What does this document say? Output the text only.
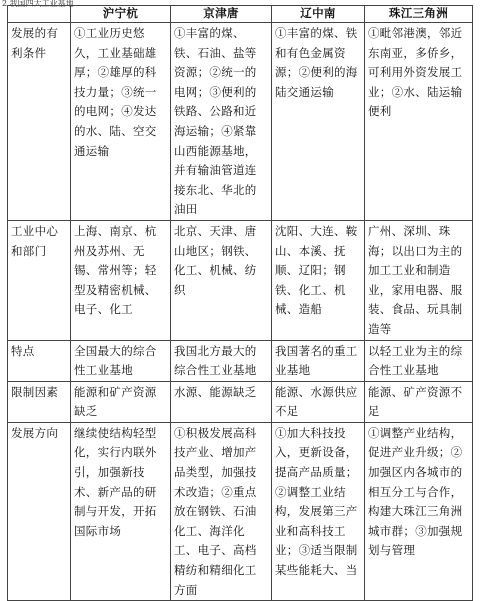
2.我国四大工业基地
	沪宁杭	京津唐	辽中南	珠江三角洲
发展的有利条件	①工业历史悠久，工业基础雄厚；②雄厚的科技力量；③统一的电网；④发达的水、陆、空交通运输	①丰富的煤、铁、石油、盐等资源；②统一的电网；③便利的铁路、公路和近海运输；④紧靠山西能源基地，并有输油管道连接东北、华北的油田	①丰富的煤、铁和有色金属资源；②便利的海陆交通运输	①毗邻港澳，邻近东南亚，多侨乡，可利用外资发展工业；②水、陆运输便利
工业中心和部门	上海、南京、杭州及苏州、无锡、常州等；轻型及精密机械、电子、化工	北京、天津、唐山地区；钢铁、化工、机械、纺织	沈阳、大连、鞍山、本溪、抚顺、辽阳；钢铁、化工、机械、造船	广州、深圳、珠海；以出口为主的加工工业和制造业，家用电器、服装、食品、玩具制造等
特点	全国最大的综合性工业基地	我国北方最大的综合性工业基地	我国著名的重工业基地	以轻工业为主的综合性工业基地
限制因素	能源和矿产资源缺乏	水源、能源缺乏	能源、水源供应不足	能源、矿产资源不足
发展方向	继续使结构轻型化，实行内联外引，加强新技术、新产品的研制与开发，开拓国际市场	①积极发展高科技产业、增加产品类型，加强技术改造；②重点放在钢铁、石油化工、海洋化工、电子、高档精纺和精细化工方面	①加大科技投入，更新设备，提高产品质量；②调整工业结构，发展第三产业和高科技工业；③适当限制某些能耗大、当	①调整产业结构，促进产业升级；②加强区内各城市的相互分工与合作，构建大珠江三角洲城市群；③加强规划与管理
